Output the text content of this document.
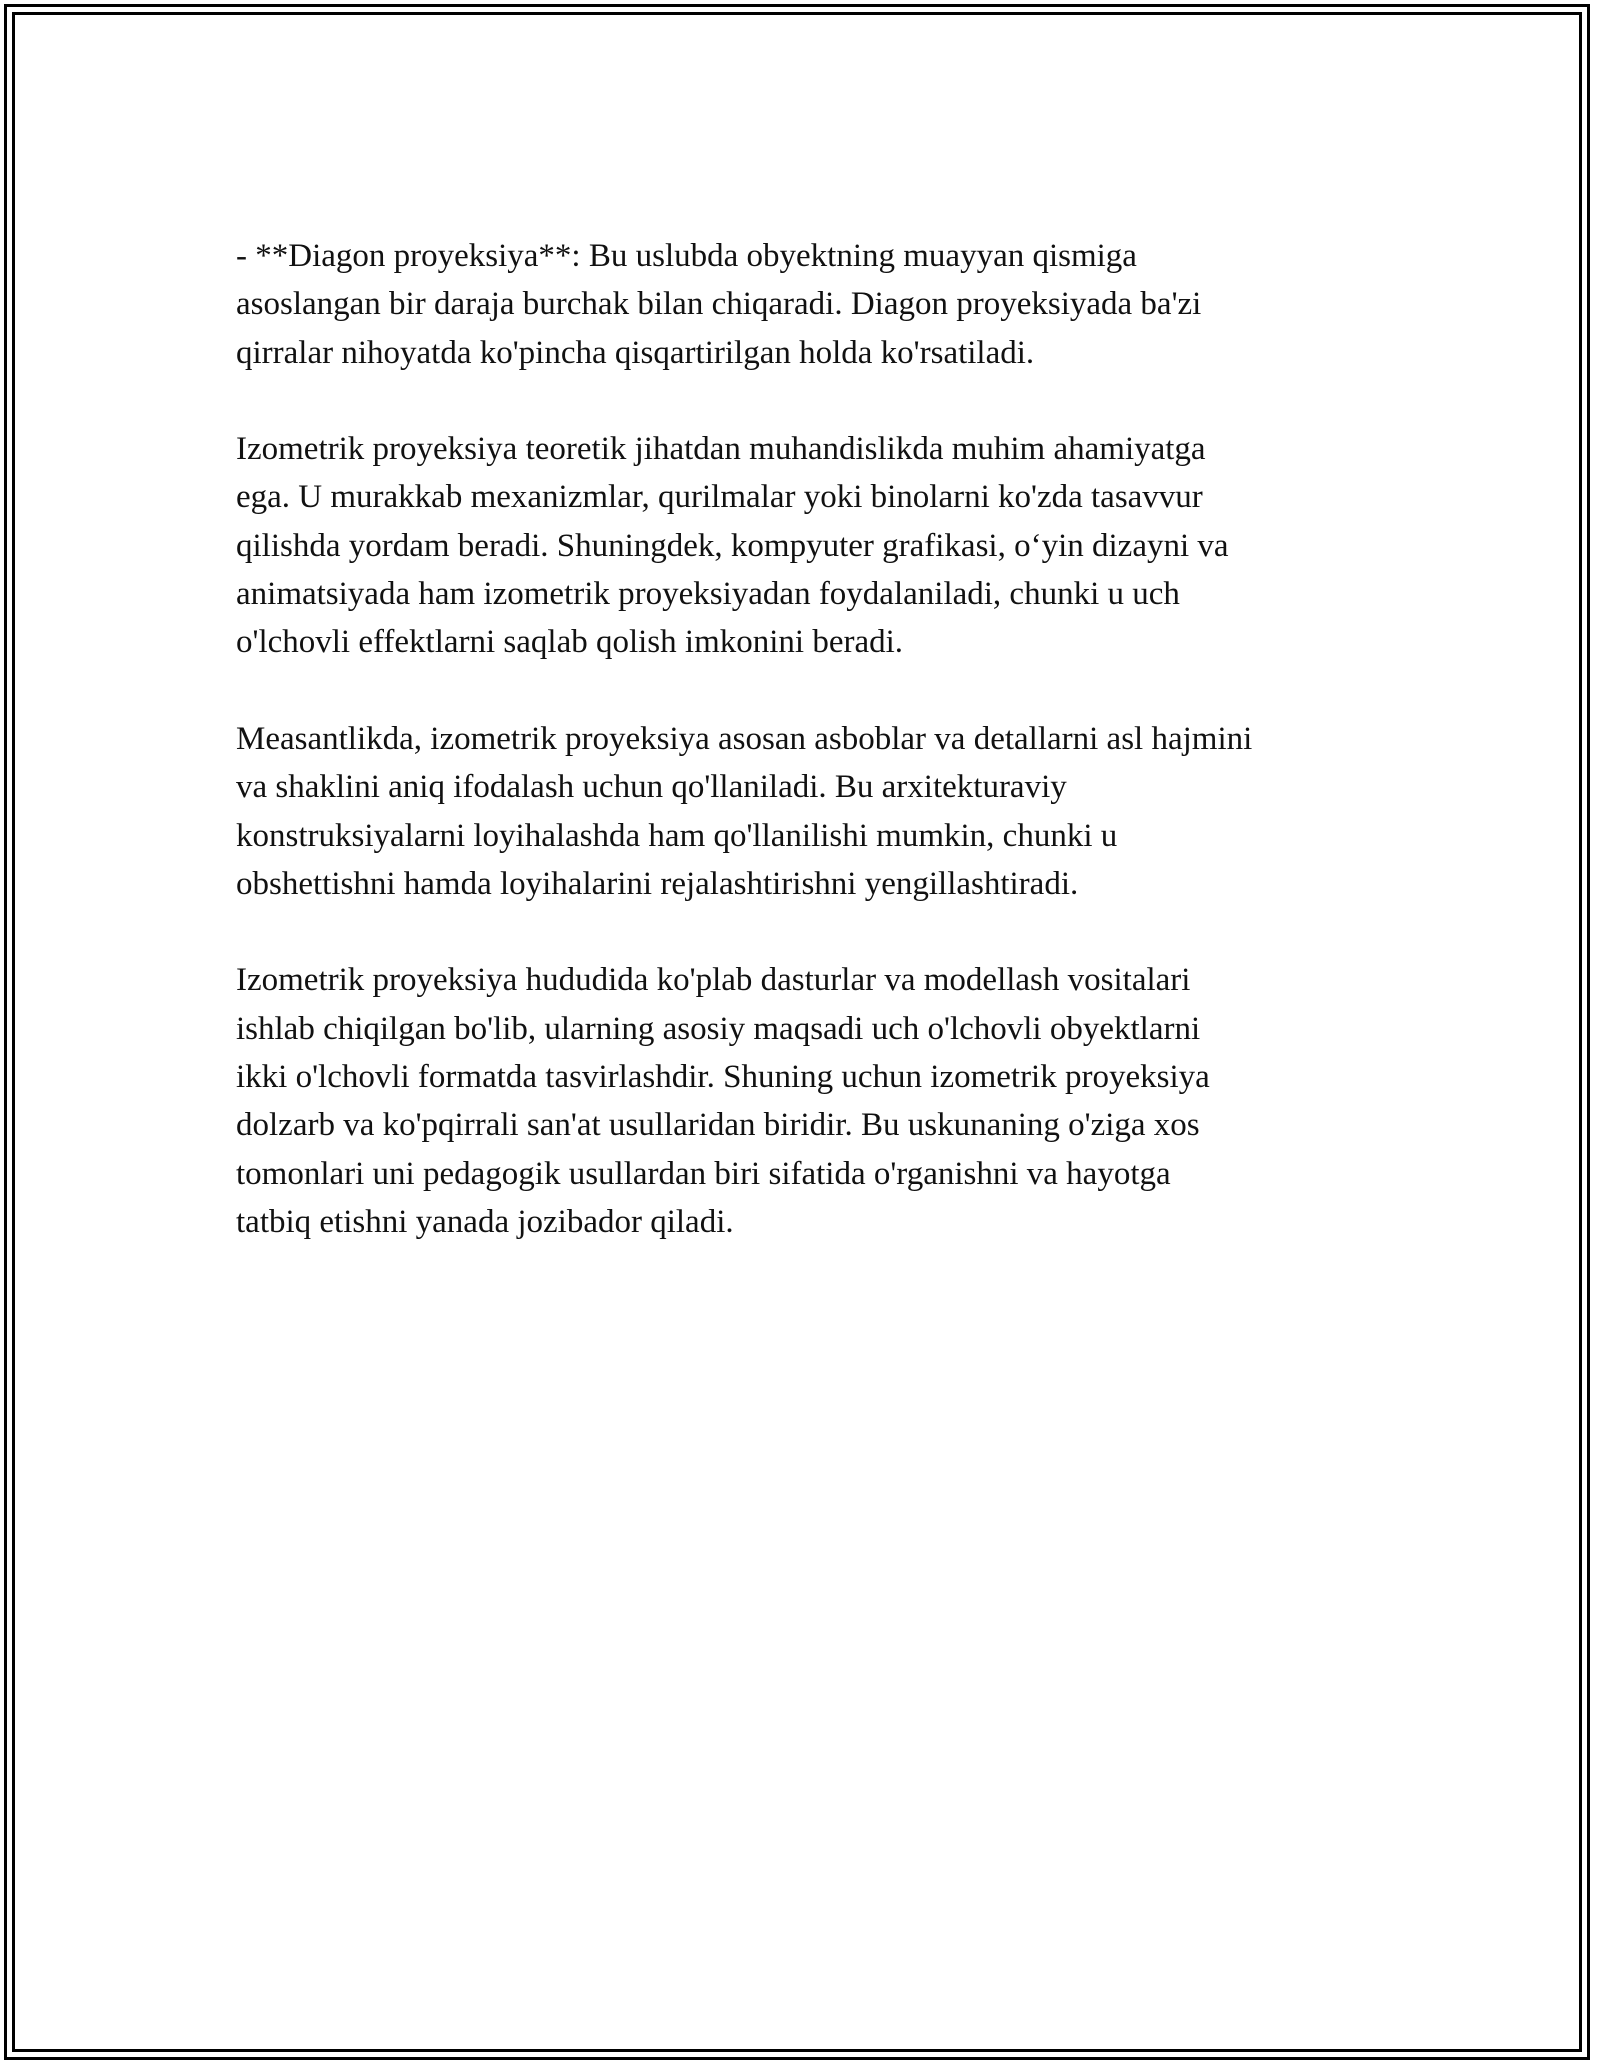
- **Diagon proyeksiya**: Bu uslubda obyektning muayyan qismiga
asoslangan bir daraja burchak bilan chiqaradi. Diagon proyeksiyada ba'zi
qirralar nihoyatda ko'pincha qisqartirilgan holda ko'rsatiladi.

Izometrik proyeksiya teoretik jihatdan muhandislikda muhim ahamiyatga
ega. U murakkab mexanizmlar, qurilmalar yoki binolarni ko'zda tasavvur
qilishda yordam beradi. Shuningdek, kompyuter grafikasi, o‘yin dizayni va
animatsiyada ham izometrik proyeksiyadan foydalaniladi, chunki u uch
o'lchovli effektlarni saqlab qolish imkonini beradi.

Measantlikda, izometrik proyeksiya asosan asboblar va detallarni asl hajmini
va shaklini aniq ifodalash uchun qo'llaniladi. Bu arxitekturaviy
konstruksiyalarni loyihalashda ham qo'llanilishi mumkin, chunki u
obshettishni hamda loyihalarini rejalashtirishni yengillashtiradi.

Izometrik proyeksiya hududida ko'plab dasturlar va modellash vositalari
ishlab chiqilgan bo'lib, ularning asosiy maqsadi uch o'lchovli obyektlarni
ikki o'lchovli formatda tasvirlashdir. Shuning uchun izometrik proyeksiya
dolzarb va ko'pqirrali san'at usullaridan biridir. Bu uskunaning o'ziga xos
tomonlari uni pedagogik usullardan biri sifatida o'rganishni va hayotga
tatbiq etishni yanada jozibador qiladi.
